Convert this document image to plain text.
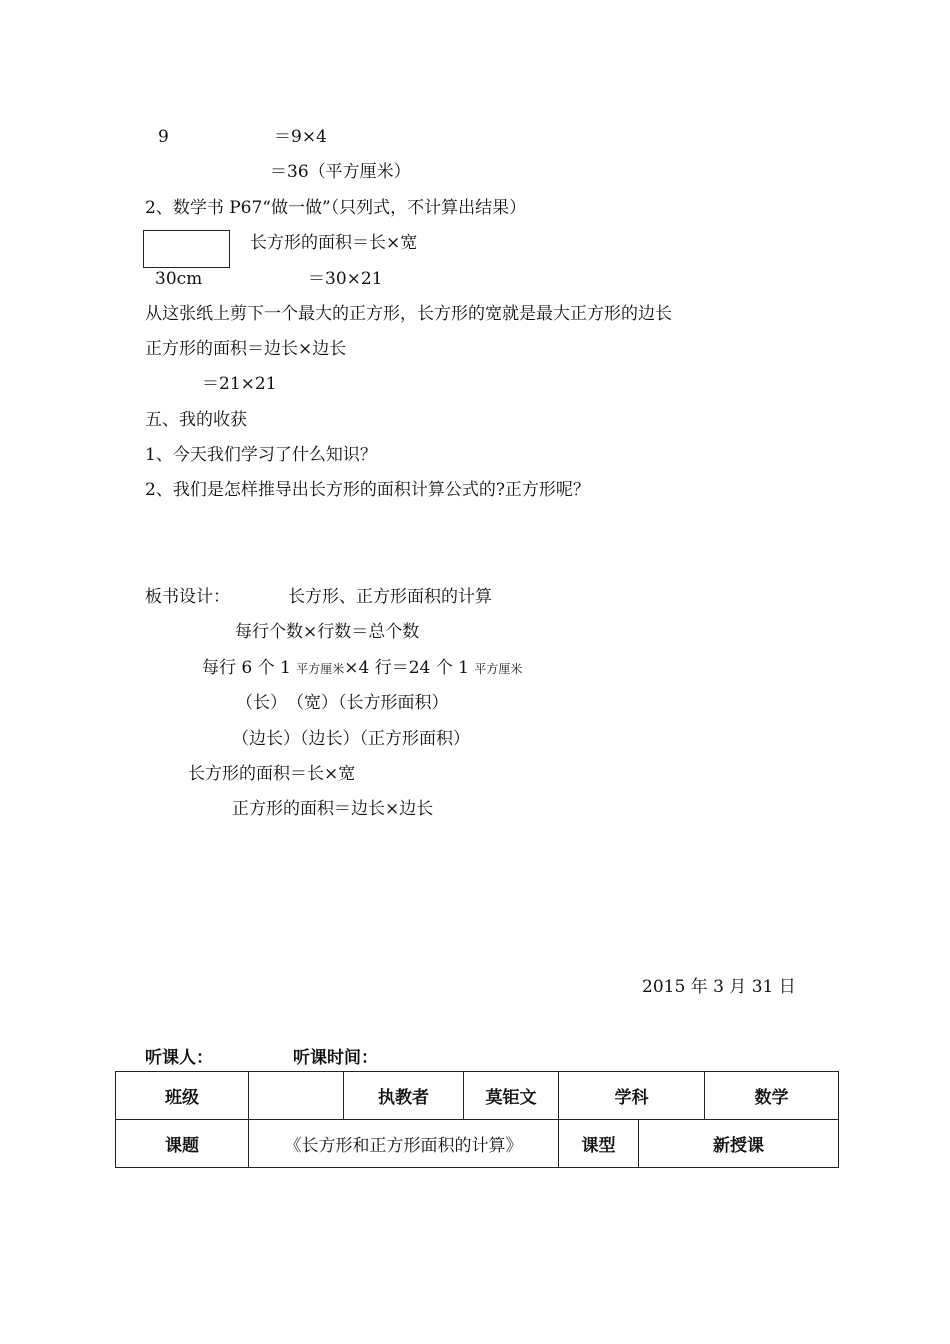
9	＝9×4
＝36（平方厘米）
2、数学书 P67“做一做”（只列式，不计算出结果）
长方形的面积＝长×宽
30cm	＝30×21
从这张纸上剪下一个最大的正方形，长方形的宽就是最大正方形的边长
正方形的面积＝边长×边长
＝21×21
五、我的收获
1、今天我们学习了什么知识？
2、我们是怎样推导出长方形的面积计算公式的?正方形呢？
板书设计：	长方形、正方形面积的计算
每行个数×行数＝总个数
每行 6 个 1 平方厘米×4 行＝24 个 1 平方厘米
（长）　（宽）（长方形面积）
（边长）（边长）（正方形面积）
长方形的面积＝长×宽
正方形的面积＝边长×边长
2015 年 3 月 31 日
听课人：	听课时间：
班级		执教者	莫钜文	学科		数学
课题	《长方形和正方形面积的计算》			课型	新授课	
